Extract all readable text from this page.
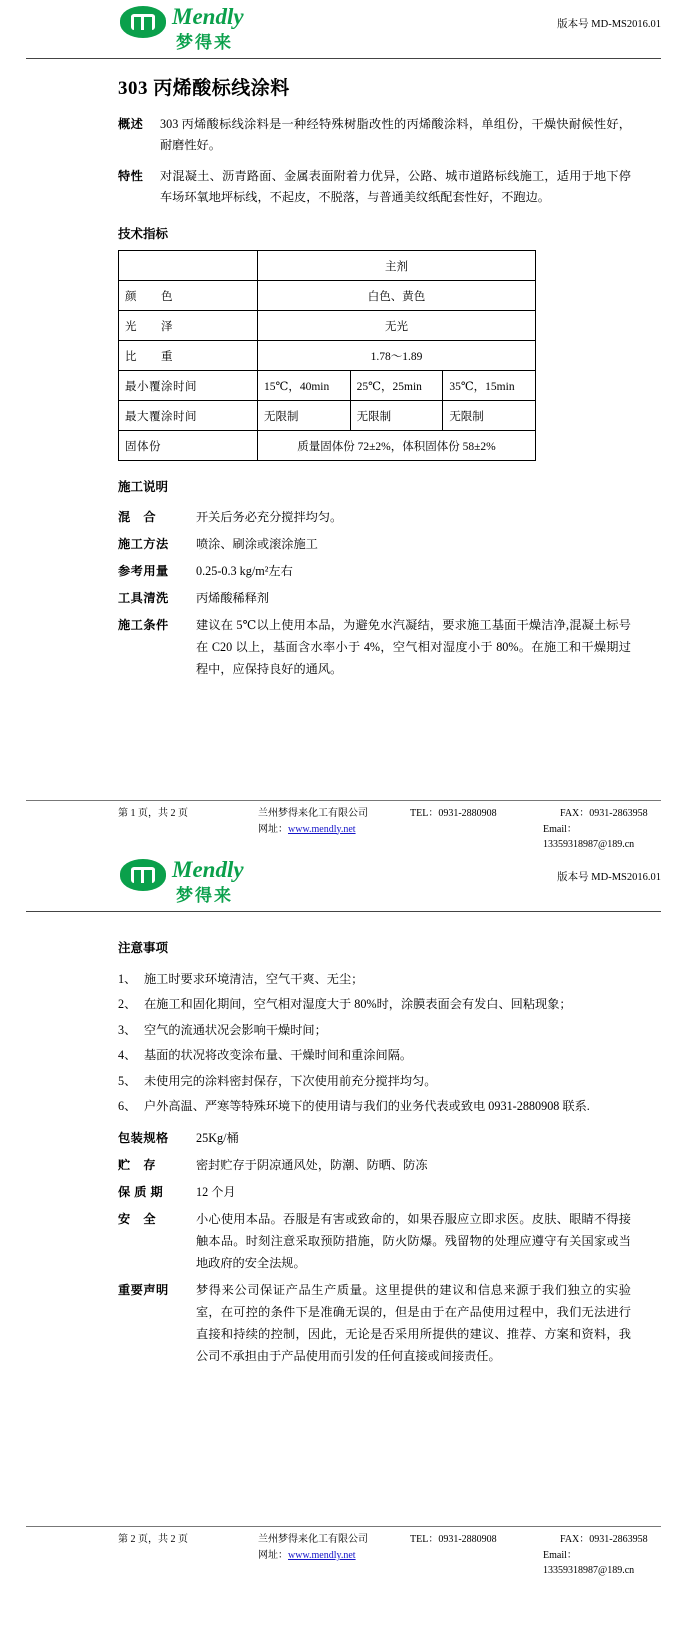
Mendly
梦得来
版本号 MD-MS2016.01
303 丙烯酸标线涂料
概述	303 丙烯酸标线涂料是一种经特殊树脂改性的丙烯酸涂料，单组份，干燥快耐候性好，耐磨性好。
特性	对混凝土、沥青路面、金属表面附着力优异，公路、城市道路标线施工，适用于地下停车场环氧地坪标线，不起皮，不脱落，与普通美纹纸配套性好，不跑边。
技术指标
	主剂		
颜　　色	白色、黄色		
光　　泽	无光		
比　　重	1.78～1.89		
最小覆涂时间	15℃，40min	25℃，25min	35℃，15min
最大覆涂时间	无限制	无限制	无限制
固体份	质量固体份 72±2%，体积固体份 58±2%		
施工说明
混　合	开关后务必充分搅拌均匀。
施工方法	喷涂、刷涂或滚涂施工
参考用量	0.25-0.3 kg/m²左右
工具清洗	丙烯酸稀释剂
施工条件	建议在 5℃以上使用本品，为避免水汽凝结，要求施工基面干燥洁净,混凝土标号在 C20 以上，基面含水率小于 4%，空气相对湿度小于 80%。在施工和干燥期过程中，应保持良好的通风。
第 1 页，共 2 页	兰州梦得来化工有限公司	TEL：0931-2880908	FAX：0931-2863958
网址：www.mendly.net	Email：13359318987@189.cn
Mendly
梦得来
版本号 MD-MS2016.01
注意事项
1、 施工时要求环境清洁，空气干爽、无尘；
2、 在施工和固化期间，空气相对湿度大于 80%时，涂膜表面会有发白、回粘现象；
3、 空气的流通状况会影响干燥时间；
4、 基面的状况将改变涂布量、干燥时间和重涂间隔。
5、 未使用完的涂料密封保存，下次使用前充分搅拌均匀。
6、 户外高温、严寒等特殊环境下的使用请与我们的业务代表或致电 0931-2880908 联系.
包装规格	25Kg/桶
贮　存	密封贮存于阴凉通风处，防潮、防晒、防冻
保 质 期	12 个月
安　全	小心使用本品。吞服是有害或致命的，如果吞服应立即求医。皮肤、眼睛不得接触本品。时刻注意采取预防措施，防火防爆。残留物的处理应遵守有关国家或当地政府的安全法规。
重要声明	梦得来公司保证产品生产质量。这里提供的建议和信息来源于我们独立的实验室，在可控的条件下是准确无误的，但是由于在产品使用过程中，我们无法进行直接和持续的控制，因此，无论是否采用所提供的建议、推荐、方案和资料，我公司不承担由于产品使用而引发的任何直接或间接责任。
第 2 页，共 2 页	兰州梦得来化工有限公司	TEL：0931-2880908	FAX：0931-2863958
网址：www.mendly.net	Email：13359318987@189.cn
